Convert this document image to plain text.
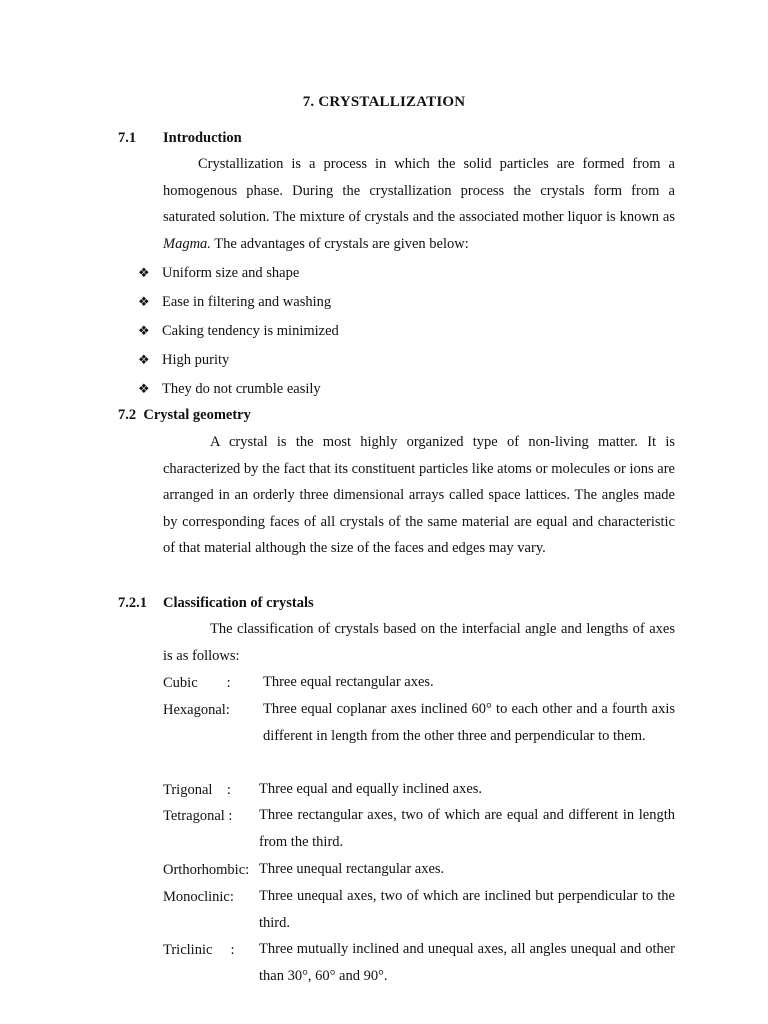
7. CRYSTALLIZATION
7.1 Introduction
Crystallization is a process in which the solid particles are formed from a homogenous phase. During the crystallization process the crystals form from a saturated solution. The mixture of crystals and the associated mother liquor is known as Magma. The advantages of crystals are given below:
❖ Uniform size and shape
❖ Ease in filtering and washing
❖ Caking tendency is minimized
❖ High purity
❖ They do not crumble easily
7.2  Crystal geometry
A crystal is the most highly organized type of non-living matter. It is characterized by the fact that its constituent particles like atoms or molecules or ions are arranged in an orderly three dimensional arrays called space lattices. The angles made by corresponding faces of all crystals of the same material are equal and characteristic of that material although the size of the faces and edges may vary.
7.2.1 Classification of crystals
The classification of crystals based on the interfacial angle and lengths of axes is as follows:
Cubic        : Three equal rectangular axes.
Hexagonal: Three equal coplanar axes inclined 60° to each other and a fourth axis different in length from the other three and perpendicular to them.
Trigonal    : Three equal and equally inclined axes.
Tetragonal : Three rectangular axes, two of which are equal and different in length from the third.
Orthorhombic: Three unequal rectangular axes.
Monoclinic: Three unequal axes, two of which are inclined but perpendicular to the third.
Triclinic     : Three mutually inclined and unequal axes, all angles unequal and other than 30°, 60° and 90°.
